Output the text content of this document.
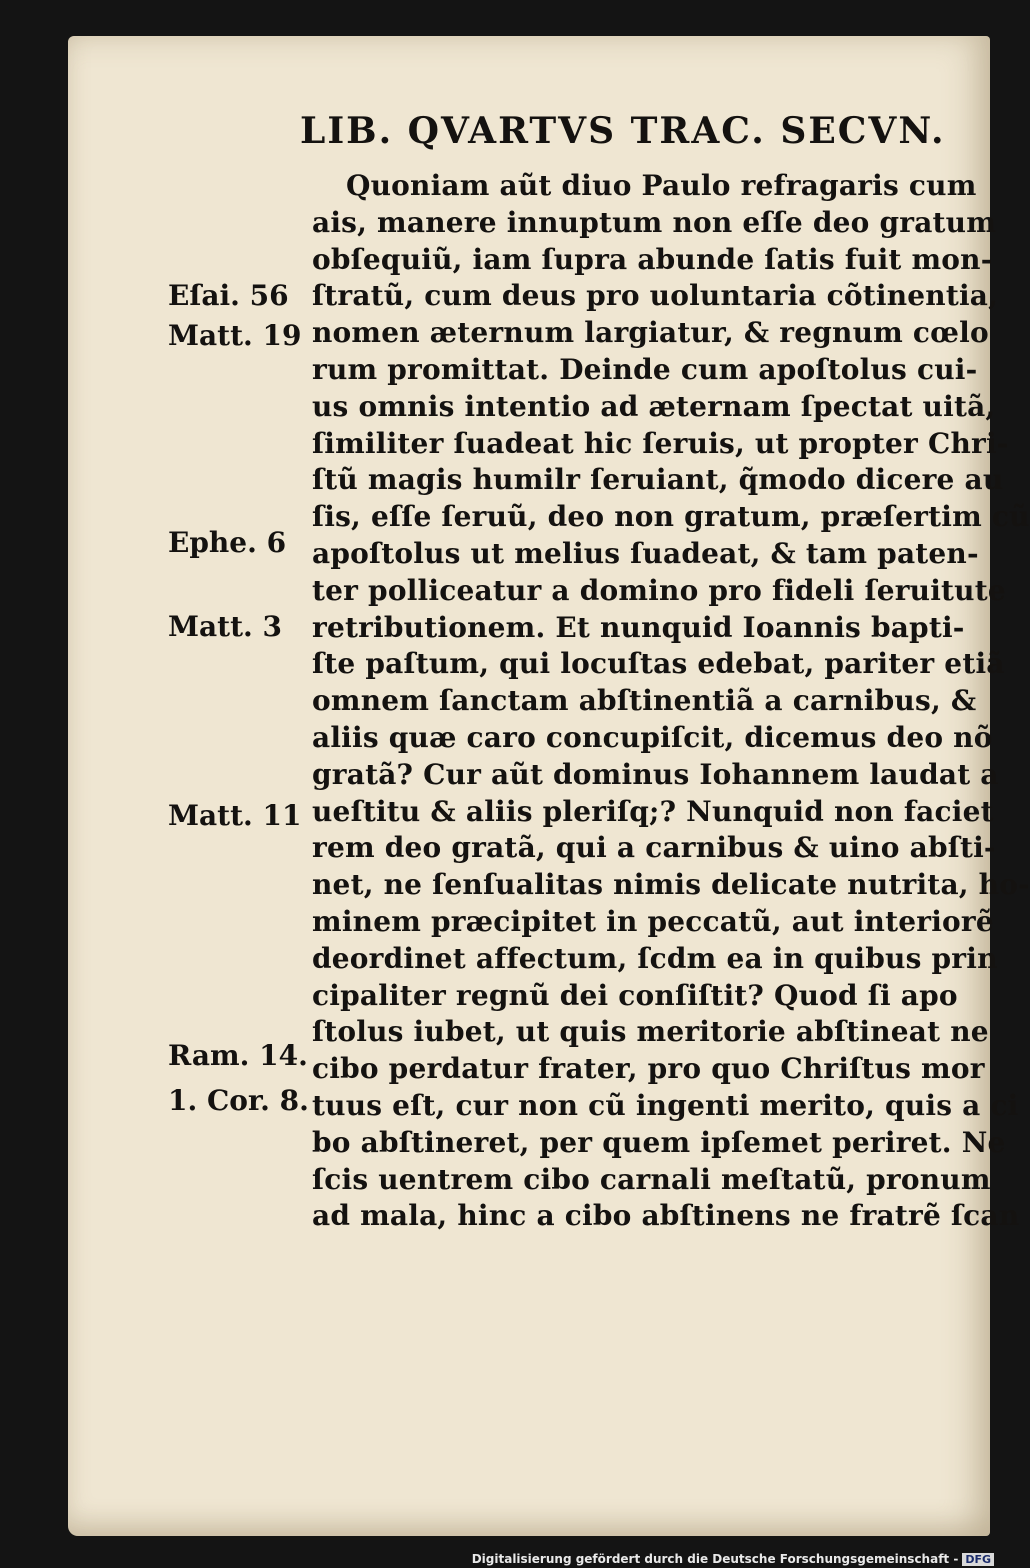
LIB. QVARTVS TRAC. SECVN.
Quoniam aũt diuo Paulo refragaris cum
ais, manere innuptum non eſſe deo gratum
obſequiũ, iam ſupra abunde ſatis fuit mon-
ſtratũ, cum deus pro uoluntaria cõtinentia,
nomen æternum largiatur, & regnum cœlo
rum promittat. Deinde cum apoſtolus cui-
us omnis intentio ad æternam ſpectat uitã,
ſimiliter ſuadeat hic ſeruis, ut propter Chri-
ſtũ magis humilr ſeruiant, q̃modo dicere au
ſis, eſſe ſeruũ, deo non gratum, præſertim cũ
apoſtolus ut melius ſuadeat, & tam paten-
ter polliceatur a domino pro fideli ſeruitute
retributionem. Et nunquid Ioannis bapti-
ſte paſtum, qui locuſtas edebat, pariter etiã
omnem ſanctam abſtinentiã a carnibus, &
aliis quæ caro concupiſcit, dicemus deo nõ
gratã? Cur aũt dominus Iohannem laudat a
ueſtitu & aliis pleriſq;? Nunquid non faciet
rem deo gratã, qui a carnibus & uino abſti-
net, ne ſenſualitas nimis delicate nutrita, ho-
minem præcipitet in peccatũ, aut interiorẽ
deordinet affectum, ſcdm ea in quibus prin
cipaliter regnũ dei conſiſtit? Quod ſi apo
ſtolus iubet, ut quis meritorie abſtineat ne
cibo perdatur frater, pro quo Chriſtus mor
tuus eſt, cur non cũ ingenti merito, quis a ci
bo abſtineret, per quem ipſemet periret. Ne
ſcis uentrem cibo carnali meſtatũ, pronum
ad mala, hinc a cibo abſtinens ne fratrẽ ſcan
Eſai. 56
Matt. 19
Ephe. 6
Matt. 3
Matt. 11
Ram. 14.
1. Cor. 8.
Digitalisierung gefördert durch die Deutsche Forschungsgemeinschaft - DFG
